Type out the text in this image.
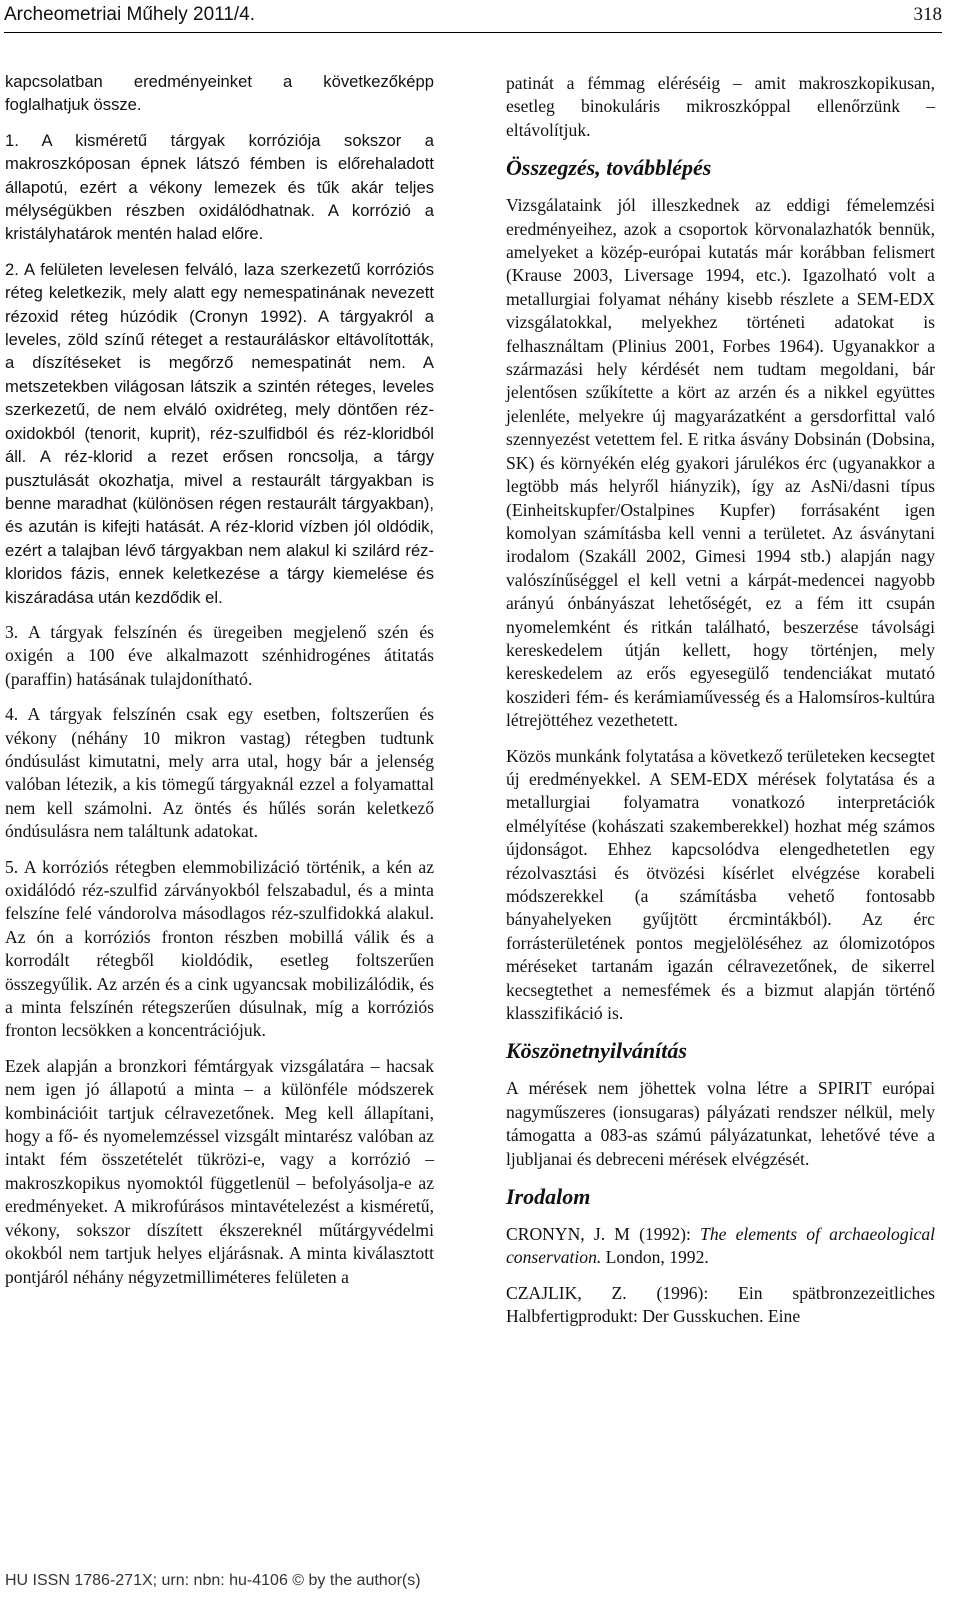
Archeometriai Műhely 2011/4.	318

kapcsolatban eredményeinket a következőképp foglalhatjuk össze.

1. A kisméretű tárgyak korróziója sokszor a makroszkóposan épnek látszó fémben is előrehaladott állapotú, ezért a vékony lemezek és tűk akár teljes mélységükben részben oxidálódhatnak. A korrózió a kristályhatárok mentén halad előre.

2. A felületen levelesen felváló, laza szerkezetű korróziós réteg keletkezik, mely alatt egy nemespatinának nevezett rézoxid réteg húzódik (Cronyn 1992). A tárgyakról a leveles, zöld színű réteget a restauráláskor eltávolították, a díszítéseket is megőrző nemespatinát nem. A metszetekben világosan látszik a szintén réteges, leveles szerkezetű, de nem elváló oxidréteg, mely döntően réz-oxidokból (tenorit, kuprit), réz-szulfidból és réz-kloridból áll. A réz-klorid a rezet erősen roncsolja, a tárgy pusztulását okozhatja, mivel a restaurált tárgyakban is benne maradhat (különösen régen restaurált tárgyakban), és azután is kifejti hatását. A réz-klorid vízben jól oldódik, ezért a talajban lévő tárgyakban nem alakul ki szilárd réz-kloridos fázis, ennek keletkezése a tárgy kiemelése és kiszáradása után kezdődik el.

3. A tárgyak felszínén és üregeiben megjelenő szén és oxigén a 100 éve alkalmazott szénhidrogénes átitatás (paraffin) hatásának tulajdonítható.

4. A tárgyak felszínén csak egy esetben, foltszerűen és vékony (néhány 10 mikron vastag) rétegben tudtunk óndúsulást kimutatni, mely arra utal, hogy bár a jelenség valóban létezik, a kis tömegű tárgyaknál ezzel a folyamattal nem kell számolni. Az öntés és hűlés során keletkező óndúsulásra nem találtunk adatokat.

5. A korróziós rétegben elemmobilizáció történik, a kén az oxidálódó réz-szulfid zárványokból felszabadul, és a minta felszíne felé vándorolva másodlagos réz-szulfidokká alakul. Az ón a korróziós fronton részben mobillá válik és a korrodált rétegből kioldódik, esetleg foltszerűen összegyűlik. Az arzén és a cink ugyancsak mobilizálódik, és a minta felszínén rétegszerűen dúsulnak, míg a korróziós fronton lecsökken a koncentrációjuk.

Ezek alapján a bronzkori fémtárgyak vizsgálatára – hacsak nem igen jó állapotú a minta – a különféle módszerek kombinációit tartjuk célravezetőnek. Meg kell állapítani, hogy a fő- és nyomelemzéssel vizsgált mintarész valóban az intakt fém összetételét tükrözi-e, vagy a korrózió – makroszkopikus nyomoktól függetlenül – befolyásolja-e az eredményeket. A mikrofúrásos mintavételezést a kisméretű, vékony, sokszor díszített ékszereknél műtárgyvédelmi okokból nem tartjuk helyes eljárásnak. A minta kiválasztott pontjáról néhány négyzetmilliméteres felületen a

patinát a fémmag eléréséig – amit makroszkopikusan, esetleg binokuláris mikroszkóppal ellenőrzünk – eltávolítjuk.

Összegzés, továbblépés

Vizsgálataink jól illeszkednek az eddigi fémelemzési eredményeihez, azok a csoportok körvonalazhatók bennük, amelyeket a közép-európai kutatás már korábban felismert (Krause 2003, Liversage 1994, etc.). Igazolható volt a metallurgiai folyamat néhány kisebb részlete a SEM-EDX vizsgálatokkal, melyekhez történeti adatokat is felhasználtam (Plinius 2001, Forbes 1964). Ugyanakkor a származási hely kérdését nem tudtam megoldani, bár jelentősen szűkítette a kört az arzén és a nikkel együttes jelenléte, melyekre új magyarázatként a gersdorfittal való szennyezést vetettem fel. E ritka ásvány Dobsinán (Dobsina, SK) és környékén elég gyakori járulékos érc (ugyanakkor a legtöbb más helyről hiányzik), így az AsNi/dasni típus (Einheitskupfer/Ostalpines Kupfer) forrásaként igen komolyan számításba kell venni a területet. Az ásványtani irodalom (Szakáll 2002, Gimesi 1994 stb.) alapján nagy valószínűséggel el kell vetni a kárpát-medencei nagyobb arányú ónbányászat lehetőségét, ez a fém itt csupán nyomelemként és ritkán található, beszerzése távolsági kereskedelem útján kellett, hogy történjen, mely kereskedelem az erős egyesegülő tendenciákat mutató koszideri fém- és kerámiaművesség és a Halomsíros-kultúra létrejöttéhez vezethetett.

Közös munkánk folytatása a következő területeken kecsegtet új eredményekkel. A SEM-EDX mérések folytatása és a metallurgiai folyamatra vonatkozó interpretációk elmélyítése (kohászati szakemberekkel) hozhat még számos újdonságot. Ehhez kapcsolódva elengedhetetlen egy rézolvasztási és ötvözési kísérlet elvégzése korabeli módszerekkel (a számításba vehető fontosabb bányahelyeken gyűjtött ércmintákból). Az érc forrásterületének pontos megjelöléséhez az ólomizotópos méréseket tartanám igazán célravezetőnek, de sikerrel kecsegtethet a nemesfémek és a bizmut alapján történő klasszifikáció is.

Köszönetnyilvánítás

A mérések nem jöhettek volna létre a SPIRIT európai nagyműszeres (ionsugaras) pályázati rendszer nélkül, mely támogatta a 083-as számú pályázatunkat, lehetővé téve a ljubljanai és debreceni mérések elvégzését.

Irodalom

CRONYN, J. M (1992): The elements of archaeological conservation. London, 1992.

CZAJLIK, Z. (1996): Ein spätbronzezeitliches Halbfertigprodukt: Der Gusskuchen. Eine

HU ISSN 1786-271X; urn: nbn: hu-4106 © by the author(s)
